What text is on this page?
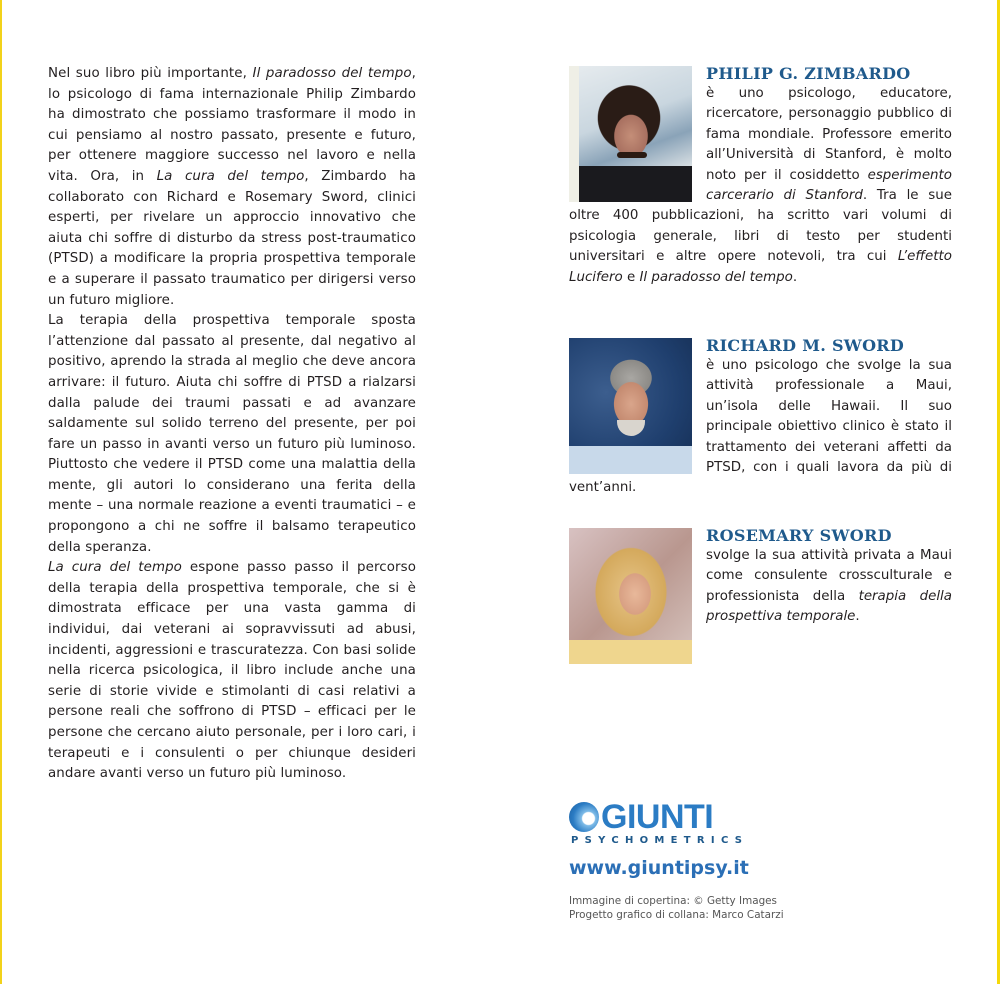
Nel suo libro più importante, Il paradosso del tempo, lo psicologo di fama internazionale Philip Zimbardo ha dimostrato che possiamo trasformare il modo in cui pensiamo al nostro passato, presente e futuro, per ottenere maggiore successo nel lavoro e nella vita. Ora, in La cura del tempo, Zimbardo ha collaborato con Richard e Rosemary Sword, clinici esperti, per rivelare un approccio innovativo che aiuta chi soffre di disturbo da stress post-traumatico (PTSD) a modificare la propria prospettiva temporale e a superare il passato traumatico per dirigersi verso un futuro migliore.

La terapia della prospettiva temporale sposta l’attenzione dal passato al presente, dal negativo al positivo, aprendo la strada al meglio che deve ancora arrivare: il futuro. Aiuta chi soffre di PTSD a rialzarsi dalla palude dei traumi passati e ad avanzare saldamente sul solido terreno del presente, per poi fare un passo in avanti verso un futuro più luminoso. Piuttosto che vedere il PTSD come una malattia della mente, gli autori lo considerano una ferita della mente – una normale reazione a eventi traumatici – e propongono a chi ne soffre il balsamo terapeutico della speranza.

La cura del tempo espone passo passo il percorso della terapia della prospettiva temporale, che si è dimostrata efficace per una vasta gamma di individui, dai veterani ai sopravvissuti ad abusi, incidenti, aggressioni e trascuratezza. Con basi solide nella ricerca psicologica, il libro include anche una serie di storie vivide e stimolanti di casi relativi a persone reali che soffrono di PTSD – efficaci per le persone che cercano aiuto personale, per i loro cari, i terapeuti e i consulenti o per chiunque desideri andare avanti verso un futuro più luminoso.

PHILIP G. ZIMBARDO

è uno psicologo, educatore, ricercatore, personaggio pubblico di fama mondiale. Professore emerito all’Università di Stanford, è molto noto per il cosiddetto esperimento carcerario di Stanford. Tra le sue oltre 400 pubblicazioni, ha scritto vari volumi di psicologia generale, libri di testo per studenti universitari e altre opere notevoli, tra cui L’effetto Lucifero e Il paradosso del tempo.

RICHARD M. SWORD

è uno psicologo che svolge la sua attività professionale a Maui, un’isola delle Hawaii. Il suo principale obiettivo clinico è stato il trattamento dei veterani affetti da PTSD, con i quali lavora da più di vent’anni.

ROSEMARY SWORD

svolge la sua attività privata a Maui come consulente crossculturale e professionista della terapia della prospettiva temporale.

GIUNTI
PSYCHOMETRICS
www.giuntipsy.it
Immagine di copertina: © Getty Images
Progetto grafico di collana: Marco Catarzi
